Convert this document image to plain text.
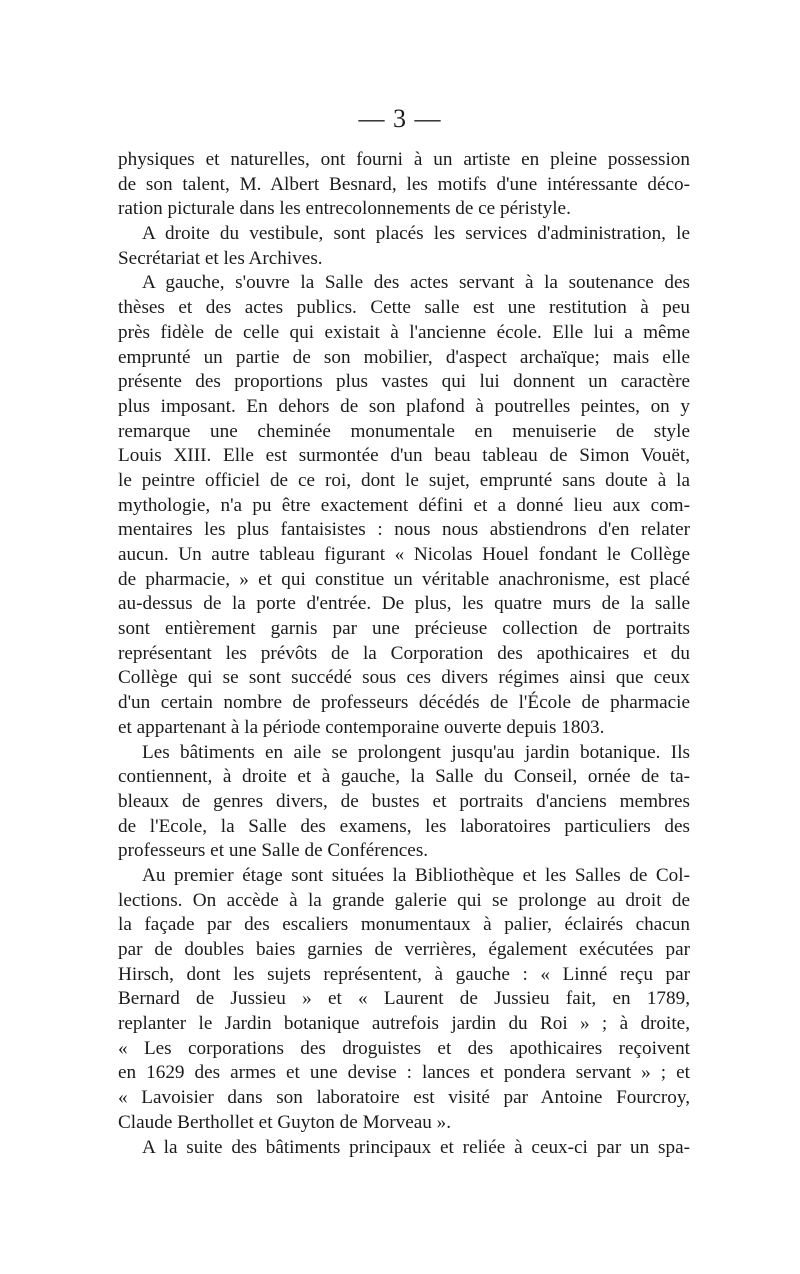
— 3 —
physiques et naturelles, ont fourni à un artiste en pleine possession
de son talent, M. Albert Besnard, les motifs d'une intéressante déco-
ration picturale dans les entrecolonnements de ce péristyle.
A droite du vestibule, sont placés les services d'administration, le
Secrétariat et les Archives.
A gauche, s'ouvre la Salle des actes servant à la soutenance des
thèses et des actes publics. Cette salle est une restitution à peu
près fidèle de celle qui existait à l'ancienne école. Elle lui a même
emprunté un partie de son mobilier, d'aspect archaïque; mais elle
présente des proportions plus vastes qui lui donnent un caractère
plus imposant. En dehors de son plafond à poutrelles peintes, on y
remarque une cheminée monumentale en menuiserie de style
Louis XIII. Elle est surmontée d'un beau tableau de Simon Vouët,
le peintre officiel de ce roi, dont le sujet, emprunté sans doute à la
mythologie, n'a pu être exactement défini et a donné lieu aux com-
mentaires les plus fantaisistes : nous nous abstiendrons d'en relater
aucun. Un autre tableau figurant « Nicolas Houel fondant le Collège
de pharmacie, » et qui constitue un véritable anachronisme, est placé
au-dessus de la porte d'entrée. De plus, les quatre murs de la salle
sont entièrement garnis par une précieuse collection de portraits
représentant les prévôts de la Corporation des apothicaires et du
Collège qui se sont succédé sous ces divers régimes ainsi que ceux
d'un certain nombre de professeurs décédés de l'École de pharmacie
et appartenant à la période contemporaine ouverte depuis 1803.
Les bâtiments en aile se prolongent jusqu'au jardin botanique. Ils
contiennent, à droite et à gauche, la Salle du Conseil, ornée de ta-
bleaux de genres divers, de bustes et portraits d'anciens membres
de l'Ecole, la Salle des examens, les laboratoires particuliers des
professeurs et une Salle de Conférences.
Au premier étage sont situées la Bibliothèque et les Salles de Col-
lections. On accède à la grande galerie qui se prolonge au droit de
la façade par des escaliers monumentaux à palier, éclairés chacun
par de doubles baies garnies de verrières, également exécutées par
Hirsch, dont les sujets représentent, à gauche : « Linné reçu par
Bernard de Jussieu » et « Laurent de Jussieu fait, en 1789,
replanter le Jardin botanique autrefois jardin du Roi » ; à droite,
« Les corporations des droguistes et des apothicaires reçoivent
en 1629 des armes et une devise : lances et pondera servant » ; et
« Lavoisier dans son laboratoire est visité par Antoine Fourcroy,
Claude Berthollet et Guyton de Morveau ».
A la suite des bâtiments principaux et reliée à ceux-ci par un spa-
